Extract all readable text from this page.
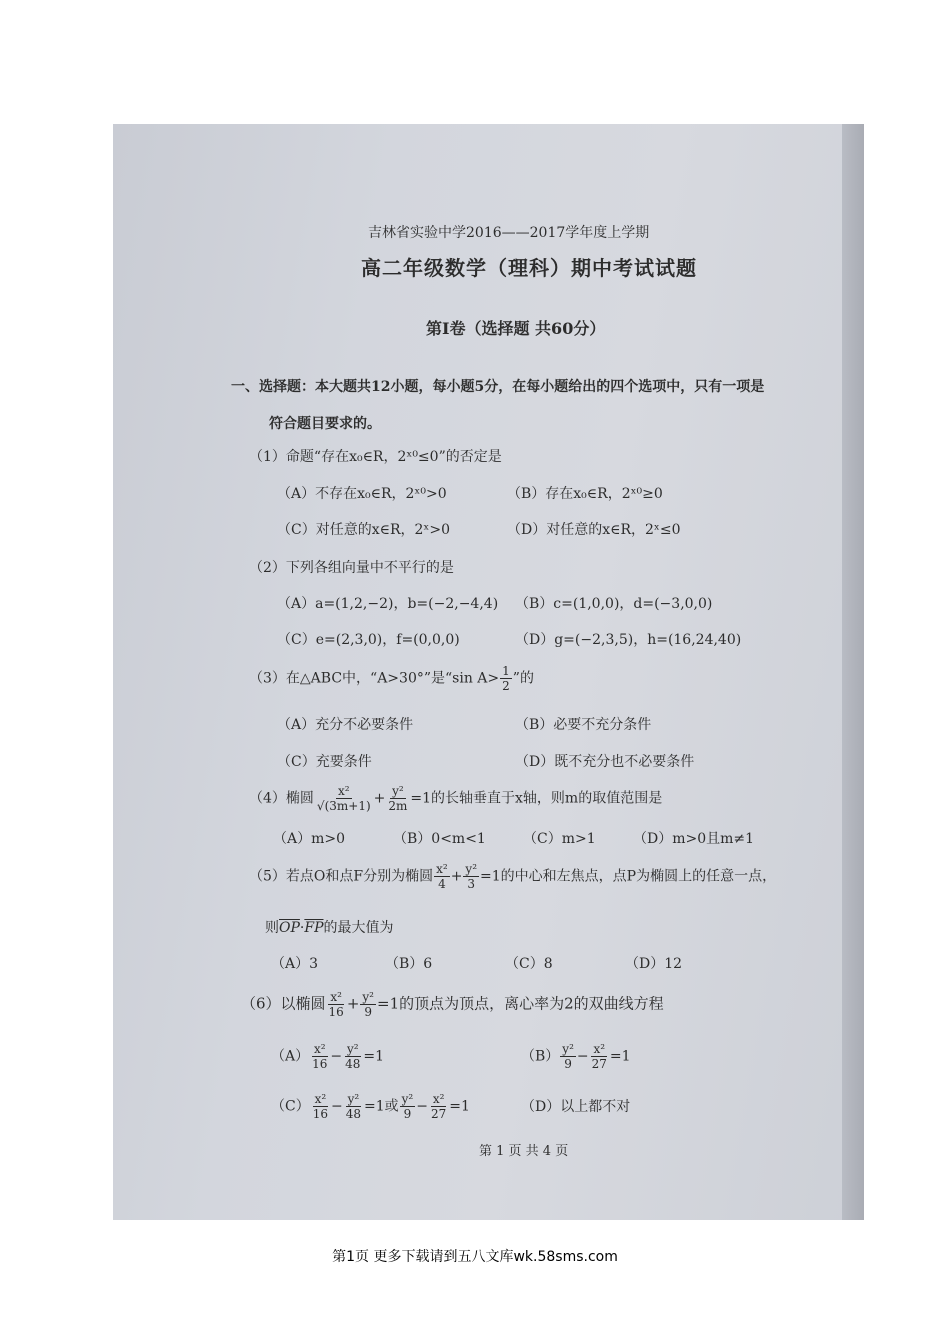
吉林省实验中学2016——2017学年度上学期
高二年级数学（理科）期中考试试题
第Ⅰ卷（选择题 共60分）
一、选择题：本大题共12小题，每小题5分，在每小题给出的四个选项中，只有一项是
符合题目要求的。
（1）命题“存在x₀∈R，2ˣ⁰≤0”的否定是
（A）不存在x₀∈R，2ˣ⁰>0	（B）存在x₀∈R，2ˣ⁰≥0
（C）对任意的x∈R，2ˣ>0	（D）对任意的x∈R，2ˣ≤0
（2）下列各组向量中不平行的是
（A）a=(1,2,−2)，b=(−2,−4,4) （B）c=(1,0,0)，d=(−3,0,0)
（C）e=(2,3,0)，f=(0,0,0)	（D）g=(−2,3,5)，h=(16,24,40)
（3）在△ABC中，“A>30°”是“sin $A> \frac{1}{2}$ ”的
（A）充分不必要条件	（B）必要不充分条件
（C）充要条件	（D）既不充分也不必要条件
（4）椭圆 $\frac{\text{x²}}{√(3m+1)} + \frac{\text{y²}}{2m} =1$的长轴垂直于x轴，则m的取值范围是
（A）m>0	（B）0<m<1	（C）m>1	（D）m>0且m≠1
（5）若点O和点F分别为椭圆 $\frac{\text{x²}}{4} + \frac{\text{y²}}{3} =1$的中心和左焦点，点P为椭圆上的任意一点，
则$\overline{OP}\cdot\overline{FP}$的最大值为
（A）3	（B）6	（C）8	（D）12
（6）以椭圆 $\frac{\text{x²}}{16} + \frac{\text{y²}}{9} =1$的顶点为顶点，离心率为2的双曲线方程
$(A) \frac{\text{x²}}{16} - \frac{\text{y²}}{48} =1$	$(B) \frac{\text{y²}}{9} - \frac{\text{x²}}{27} =1$
$(C) \frac{\text{x²}}{16} - \frac{\text{y²}}{48} =1$或 $\frac{\text{y²}}{9} - \frac{\text{x²}}{27} =1$	（D）以上都不对
第 1 页 共 4 页
第1页 更多下载请到五八文库wk.58sms.com
